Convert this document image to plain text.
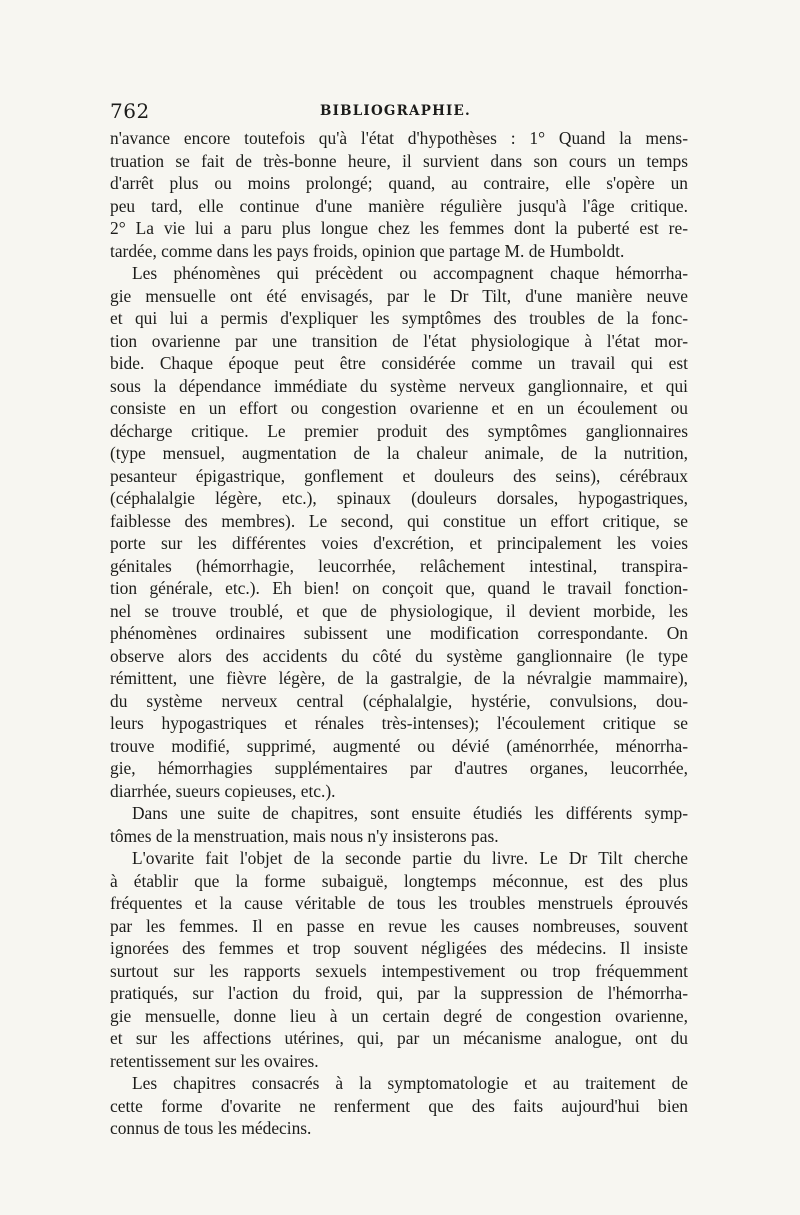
762	BIBLIOGRAPHIE.
n'avance encore toutefois qu'à l'état d'hypothèses : 1° Quand la mens-
truation se fait de très-bonne heure, il survient dans son cours un temps
d'arrêt plus ou moins prolongé; quand, au contraire, elle s'opère un
peu tard, elle continue d'une manière régulière jusqu'à l'âge critique.
2° La vie lui a paru plus longue chez les femmes dont la puberté est re-
tardée, comme dans les pays froids, opinion que partage M. de Humboldt.
Les phénomènes qui précèdent ou accompagnent chaque hémorrha-
gie mensuelle ont été envisagés, par le Dr Tilt, d'une manière neuve
et qui lui a permis d'expliquer les symptômes des troubles de la fonc-
tion ovarienne par une transition de l'état physiologique à l'état mor-
bide. Chaque époque peut être considérée comme un travail qui est
sous la dépendance immédiate du système nerveux ganglionnaire, et qui
consiste en un effort ou congestion ovarienne et en un écoulement ou
décharge critique. Le premier produit des symptômes ganglionnaires
(type mensuel, augmentation de la chaleur animale, de la nutrition,
pesanteur épigastrique, gonflement et douleurs des seins), cérébraux
(céphalalgie légère, etc.), spinaux (douleurs dorsales, hypogastriques,
faiblesse des membres). Le second, qui constitue un effort critique, se
porte sur les différentes voies d'excrétion, et principalement les voies
génitales (hémorrhagie, leucorrhée, relâchement intestinal, transpira-
tion générale, etc.). Eh bien! on conçoit que, quand le travail fonction-
nel se trouve troublé, et que de physiologique, il devient morbide, les
phénomènes ordinaires subissent une modification correspondante. On
observe alors des accidents du côté du système ganglionnaire (le type
rémittent, une fièvre légère, de la gastralgie, de la névralgie mammaire),
du système nerveux central (céphalalgie, hystérie, convulsions, dou-
leurs hypogastriques et rénales très-intenses); l'écoulement critique se
trouve modifié, supprimé, augmenté ou dévié (aménorrhée, ménorrha-
gie, hémorrhagies supplémentaires par d'autres organes, leucorrhée,
diarrhée, sueurs copieuses, etc.).
Dans une suite de chapitres, sont ensuite étudiés les différents symp-
tômes de la menstruation, mais nous n'y insisterons pas.
L'ovarite fait l'objet de la seconde partie du livre. Le Dr Tilt cherche
à établir que la forme subaiguë, longtemps méconnue, est des plus
fréquentes et la cause véritable de tous les troubles menstruels éprouvés
par les femmes. Il en passe en revue les causes nombreuses, souvent
ignorées des femmes et trop souvent négligées des médecins. Il insiste
surtout sur les rapports sexuels intempestivement ou trop fréquemment
pratiqués, sur l'action du froid, qui, par la suppression de l'hémorrha-
gie mensuelle, donne lieu à un certain degré de congestion ovarienne,
et sur les affections utérines, qui, par un mécanisme analogue, ont du
retentissement sur les ovaires.
Les chapitres consacrés à la symptomatologie et au traitement de
cette forme d'ovarite ne renferment que des faits aujourd'hui bien
connus de tous les médecins.
